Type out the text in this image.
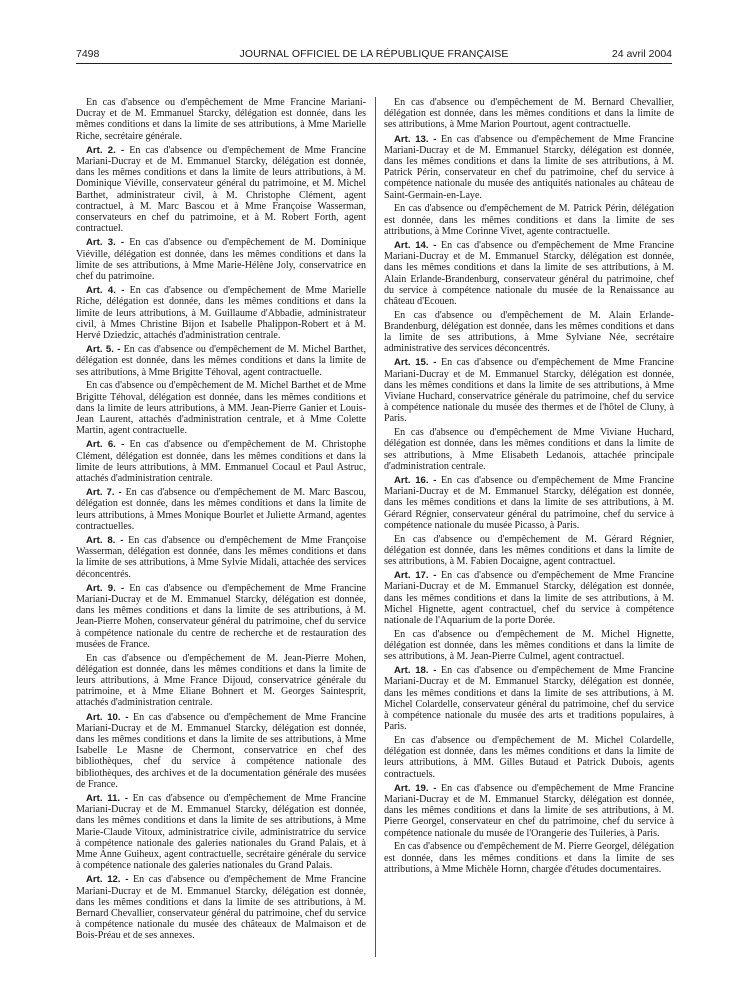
7498	JOURNAL OFFICIEL DE LA RÉPUBLIQUE FRANÇAISE	24 avril 2004

En cas d'absence ou d'empêchement de Mme Francine Mariani-Ducray et de M. Emmanuel Starcky, délégation est donnée, dans les mêmes conditions et dans la limite de ses attributions, à Mme Marielle Riche, secrétaire générale.

Art. 2. - En cas d'absence ou d'empêchement de Mme Francine Mariani-Ducray et de M. Emmanuel Starcky, délégation est donnée, dans les mêmes conditions et dans la limite de leurs attributions, à M. Dominique Viéville, conservateur général du patrimoine, et M. Michel Barthet, administrateur civil, à M. Christophe Clément, agent contractuel, à M. Marc Bascou et à Mme Françoise Wasserman, conservateurs en chef du patrimoine, et à M. Robert Forth, agent contractuel.

Art. 3. - En cas d'absence ou d'empêchement de M. Dominique Viéville, délégation est donnée, dans les mêmes conditions et dans la limite de ses attributions, à Mme Marie-Hélène Joly, conservatrice en chef du patrimoine.

Art. 4. - En cas d'absence ou d'empêchement de Mme Marielle Riche, délégation est donnée, dans les mêmes conditions et dans la limite de leurs attributions, à M. Guillaume d'Abbadie, administrateur civil, à Mmes Christine Bijon et Isabelle Phalippon-Robert et à M. Hervé Dziedzic, attachés d'administration centrale.

Art. 5. - En cas d'absence ou d'empêchement de M. Michel Barthet, délégation est donnée, dans les mêmes conditions et dans la limite de ses attributions, à Mme Brigitte Téhoval, agent contractuelle.

En cas d'absence ou d'empêchement de M. Michel Barthet et de Mme Brigitte Téhoval, délégation est donnée, dans les mêmes conditions et dans la limite de leurs attributions, à MM. Jean-Pierre Ganier et Louis-Jean Laurent, attachés d'administration centrale, et à Mme Colette Martin, agent contractuelle.

Art. 6. - En cas d'absence ou d'empêchement de M. Christophe Clément, délégation est donnée, dans les mêmes conditions et dans la limite de leurs attributions, à MM. Emmanuel Cocaul et Paul Astruc, attachés d'administration centrale.

Art. 7. - En cas d'absence ou d'empêchement de M. Marc Bascou, délégation est donnée, dans les mêmes conditions et dans la limite de leurs attributions, à Mmes Monique Bourlet et Juliette Armand, agentes contractuelles.

Art. 8. - En cas d'absence ou d'empêchement de Mme Françoise Wasserman, délégation est donnée, dans les mêmes conditions et dans la limite de ses attributions, à Mme Sylvie Midali, attachée des services déconcentrés.

Art. 9. - En cas d'absence ou d'empêchement de Mme Francine Mariani-Ducray et de M. Emmanuel Starcky, délégation est donnée, dans les mêmes conditions et dans la limite de ses attributions, à M. Jean-Pierre Mohen, conservateur général du patrimoine, chef du service à compétence nationale du centre de recherche et de restauration des musées de France.

En cas d'absence ou d'empêchement de M. Jean-Pierre Mohen, délégation est donnée, dans les mêmes conditions et dans la limite de leurs attributions, à Mme France Dijoud, conservatrice générale du patrimoine, et à Mme Eliane Bohnert et M. Georges Saintesprit, attachés d'administration centrale.

Art. 10. - En cas d'absence ou d'empêchement de Mme Francine Mariani-Ducray et de M. Emmanuel Starcky, délégation est donnée, dans les mêmes conditions et dans la limite de ses attributions, à Mme Isabelle Le Masne de Chermont, conservatrice en chef des bibliothèques, chef du service à compétence nationale des bibliothèques, des archives et de la documentation générale des musées de France.

Art. 11. - En cas d'absence ou d'empêchement de Mme Francine Mariani-Ducray et de M. Emmanuel Starcky, délégation est donnée, dans les mêmes conditions et dans la limite de ses attributions, à Mme Marie-Claude Vitoux, administratrice civile, administratrice du service à compétence nationale des galeries nationales du Grand Palais, et à Mme Anne Guiheux, agent contractuelle, secrétaire générale du service à compétence nationale des galeries nationales du Grand Palais.

Art. 12. - En cas d'absence ou d'empêchement de Mme Francine Mariani-Ducray et de M. Emmanuel Starcky, délégation est donnée, dans les mêmes conditions et dans la limite de ses attributions, à M. Bernard Chevallier, conservateur général du patrimoine, chef du service à compétence nationale du musée des châteaux de Malmaison et de Bois-Préau et de ses annexes.

En cas d'absence ou d'empêchement de M. Bernard Chevallier, délégation est donnée, dans les mêmes conditions et dans la limite de ses attributions, à Mme Marion Pourtout, agent contractuelle.

Art. 13. - En cas d'absence ou d'empêchement de Mme Francine Mariani-Ducray et de M. Emmanuel Starcky, délégation est donnée, dans les mêmes conditions et dans la limite de ses attributions, à M. Patrick Périn, conservateur en chef du patrimoine, chef du service à compétence nationale du musée des antiquités nationales au château de Saint-Germain-en-Laye.

En cas d'absence ou d'empêchement de M. Patrick Périn, délégation est donnée, dans les mêmes conditions et dans la limite de ses attributions, à Mme Corinne Vivet, agente contractuelle.

Art. 14. - En cas d'absence ou d'empêchement de Mme Francine Mariani-Ducray et de M. Emmanuel Starcky, délégation est donnée, dans les mêmes conditions et dans la limite de ses attributions, à M. Alain Erlande-Brandenburg, conservateur général du patrimoine, chef du service à compétence nationale du musée de la Renaissance au château d'Ecouen.

En cas d'absence ou d'empêchement de M. Alain Erlande-Brandenburg, délégation est donnée, dans les mêmes conditions et dans la limite de ses attributions, à Mme Sylviane Née, secrétaire administrative des services déconcentrés.

Art. 15. - En cas d'absence ou d'empêchement de Mme Francine Mariani-Ducray et de M. Emmanuel Starcky, délégation est donnée, dans les mêmes conditions et dans la limite de ses attributions, à Mme Viviane Huchard, conservatrice générale du patrimoine, chef du service à compétence nationale du musée des thermes et de l'hôtel de Cluny, à Paris.

En cas d'absence ou d'empêchement de Mme Viviane Huchard, délégation est donnée, dans les mêmes conditions et dans la limite de ses attributions, à Mme Elisabeth Ledanois, attachée principale d'administration centrale.

Art. 16. - En cas d'absence ou d'empêchement de Mme Francine Mariani-Ducray et de M. Emmanuel Starcky, délégation est donnée, dans les mêmes conditions et dans la limite de ses attributions, à M. Gérard Régnier, conservateur général du patrimoine, chef du service à compétence nationale du musée Picasso, à Paris.

En cas d'absence ou d'empêchement de M. Gérard Régnier, délégation est donnée, dans les mêmes conditions et dans la limite de ses attributions, à M. Fabien Docaigne, agent contractuel.

Art. 17. - En cas d'absence ou d'empêchement de Mme Francine Mariani-Ducray et de M. Emmanuel Starcky, délégation est donnée, dans les mêmes conditions et dans la limite de ses attributions, à M. Michel Hignette, agent contractuel, chef du service à compétence nationale de l'Aquarium de la porte Dorée.

En cas d'absence ou d'empêchement de M. Michel Hignette, délégation est donnée, dans les mêmes conditions et dans la limite de ses attributions, à M. Jean-Pierre Culmel, agent contractuel.

Art. 18. - En cas d'absence ou d'empêchement de Mme Francine Mariani-Ducray et de M. Emmanuel Starcky, délégation est donnée, dans les mêmes conditions et dans la limite de ses attributions, à M. Michel Colardelle, conservateur général du patrimoine, chef du service à compétence nationale du musée des arts et traditions populaires, à Paris.

En cas d'absence ou d'empêchement de M. Michel Colardelle, délégation est donnée, dans les mêmes conditions et dans la limite de leurs attributions, à MM. Gilles Butaud et Patrick Dubois, agents contractuels.

Art. 19. - En cas d'absence ou d'empêchement de Mme Francine Mariani-Ducray et de M. Emmanuel Starcky, délégation est donnée, dans les mêmes conditions et dans la limite de ses attributions, à M. Pierre Georgel, conservateur en chef du patrimoine, chef du service à compétence nationale du musée de l'Orangerie des Tuileries, à Paris.

En cas d'absence ou d'empêchement de M. Pierre Georgel, délégation est donnée, dans les mêmes conditions et dans la limite de ses attributions, à Mme Michèle Hornn, chargée d'études documentaires.
